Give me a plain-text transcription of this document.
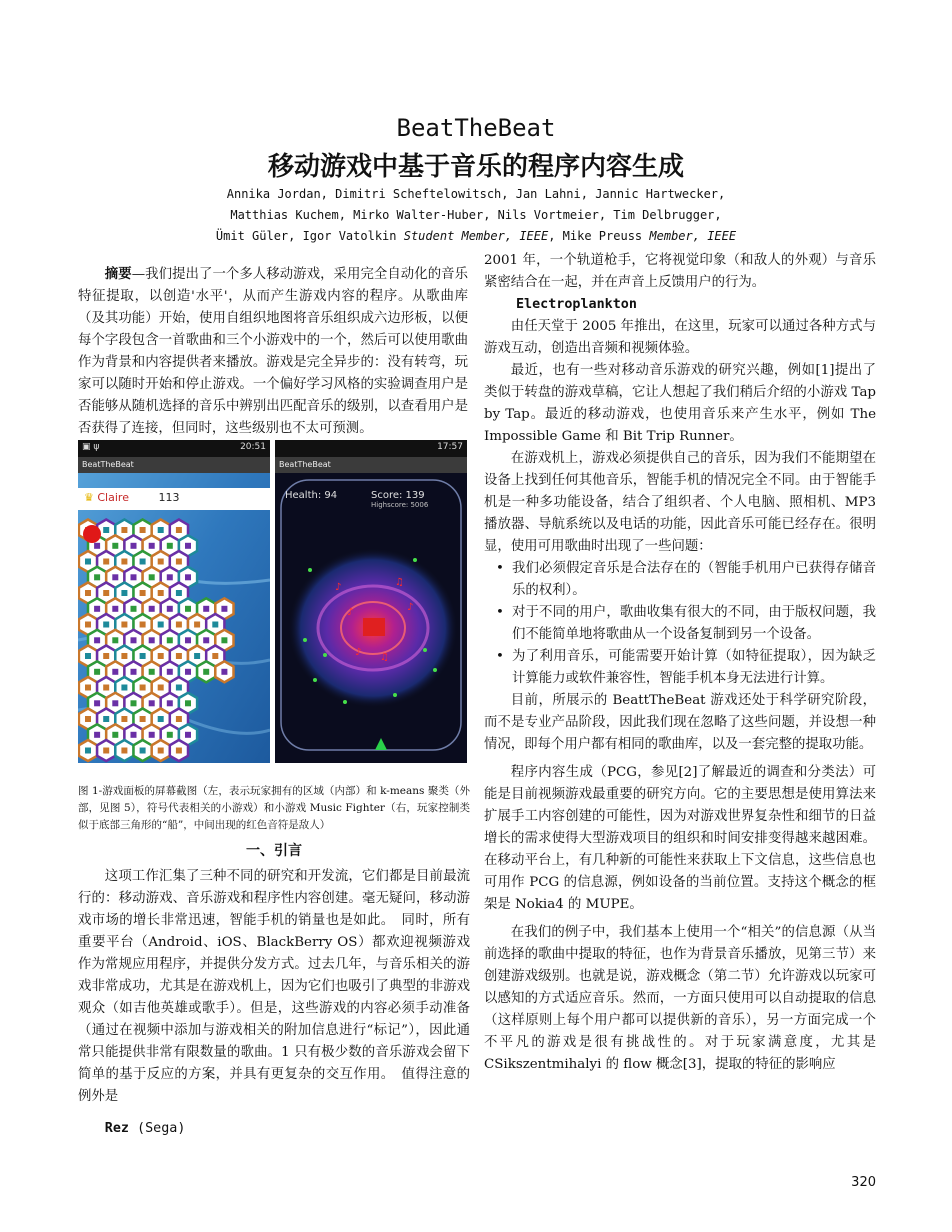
BeatTheBeat
移动游戏中基于音乐的程序内容生成
Annika Jordan, Dimitri Scheftelowitsch, Jan Lahni, Jannic Hartwecker,
Matthias Kuchem, Mirko Walter-Huber, Nils Vortmeier, Tim Delbrugger,
Ümit Güler, Igor Vatolkin Student Member, IEEE, Mike Preuss Member, IEEE

摘要—我们提出了一个多人移动游戏，采用完全自动化的音乐特征提取，以创造'水平'，从而产生游戏内容的程序。从歌曲库（及其功能）开始，使用自组织地图将音乐组织成六边形板，以便每个字段包含一首歌曲和三个小游戏中的一个，然后可以使用歌曲作为背景和内容提供者来播放。游戏是完全异步的：没有转弯，玩家可以随时开始和停止游戏。一个偏好学习风格的实验调查用户是否能够从随机选择的音乐中辨别出匹配音乐的级别，以查看用户是否获得了连接，但同时，这些级别也不太可预测。

▣ ψ	20:51
BeatTheBeat
♛ Claire	113
♪	♫
♪	♪
♫
♪
17:57
BeatTheBeat
Health: 94	Score: 139
Highscore: 5006
图 1-游戏面板的屏幕截图（左，表示玩家拥有的区域（内部）和 k-means 聚类（外部，见图 5），符号代表相关的小游戏）和小游戏 Music Fighter（右，玩家控制类似于底部三角形的“船”，中间出现的红色音符是敌人）
一、引言

这项工作汇集了三种不同的研究和开发流，它们都是目前最流行的：移动游戏、音乐游戏和程序性内容创建。毫无疑问，移动游戏市场的增长非常迅速，智能手机的销量也是如此。　同时，所有重要平台（Android、iOS、BlackBerry OS）都欢迎视频游戏作为常规应用程序，并提供分发方式。过去几年，与音乐相关的游戏非常成功，尤其是在游戏机上，因为它们也吸引了典型的非游戏观众（如吉他英雄或歌手）。但是，这些游戏的内容必须手动准备（通过在视频中添加与游戏相关的附加信息进行“标记”），因此通常只能提供非常有限数量的歌曲。1 只有极少数的音乐游戏会留下简单的基于反应的方案，并具有更复杂的交互作用。　值得注意的例外是

Rez (Sega)

2001 年，一个轨道枪手，它将视觉印象（和敌人的外观）与音乐紧密结合在一起，并在声音上反馈用户的行为。

Electroplankton

由任天堂于 2005 年推出，在这里，玩家可以通过各种方式与游戏互动，创造出音频和视频体验。

最近，也有一些对移动音乐游戏的研究兴趣，例如[1]提出了类似于转盘的游戏草稿，它让人想起了我们稍后介绍的小游戏 Tap by Tap。最近的移动游戏，也使用音乐来产生水平，例如 The Impossible Game 和 Bit Trip Runner。

在游戏机上，游戏必须提供自己的音乐，因为我们不能期望在设备上找到任何其他音乐，智能手机的情况完全不同。由于智能手机是一种多功能设备，结合了组织者、个人电脑、照相机、MP3 播放器、导航系统以及电话的功能，因此音乐可能已经存在。很明显，使用可用歌曲时出现了一些问题：

• 我们必须假定音乐是合法存在的（智能手机用户已获得存储音乐的权利）。
• 对于不同的用户，歌曲收集有很大的不同，由于版权问题，我们不能简单地将歌曲从一个设备复制到另一个设备。
• 为了利用音乐，可能需要开始计算（如特征提取），因为缺乏计算能力或软件兼容性，智能手机本身无法进行计算。

目前，所展示的 BeattTheBeat 游戏还处于科学研究阶段，而不是专业产品阶段，因此我们现在忽略了这些问题，并设想一种情况，即每个用户都有相同的歌曲库，以及一套完整的提取功能。

程序内容生成（PCG，参见[2]了解最近的调查和分类法）可能是目前视频游戏最重要的研究方向。它的主要思想是使用算法来扩展手工内容创建的可能性，因为对游戏世界复杂性和细节的日益增长的需求使得大型游戏项目的组织和时间安排变得越来越困难。在移动平台上，有几种新的可能性来获取上下文信息，这些信息也可用作 PCG 的信息源，例如设备的当前位置。支持这个概念的框架是 Nokia4 的 MUPE。

在我们的例子中，我们基本上使用一个“相关”的信息源（从当前选择的歌曲中提取的特征，也作为背景音乐播放，见第三节）来创建游戏级别。也就是说，游戏概念（第二节）允许游戏以玩家可以感知的方式适应音乐。然而，一方面只使用可以自动提取的信息（这样原则上每个用户都可以提供新的音乐），另一方面完成一个不平凡的游戏是很有挑战性的。对于玩家满意度，尤其是 CSikszentmihalyi 的 flow 概念[3]，提取的特征的影响应

320
